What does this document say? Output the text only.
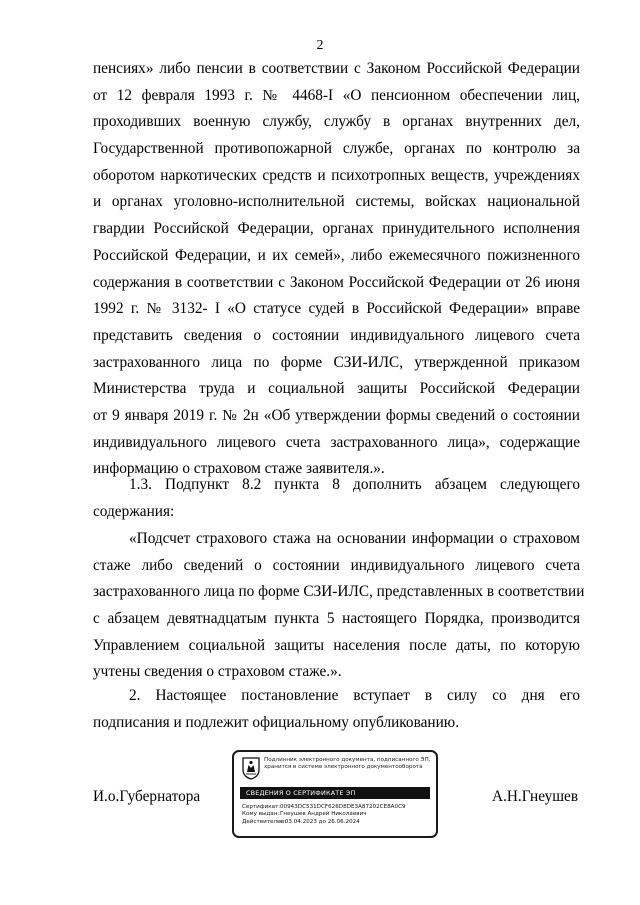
2
пенсиях» либо пенсии в соответствии с Законом Российской Федерации
от 12 февраля 1993 г. № 4468-I «О пенсионном обеспечении лиц,
проходивших военную службу, службу в органах внутренних дел,
Государственной противопожарной службе, органах по контролю за
оборотом наркотических средств и психотропных веществ, учреждениях
и органах уголовно-исполнительной системы, войсках национальной
гвардии Российской Федерации, органах принудительного исполнения
Российской Федерации, и их семей», либо ежемесячного пожизненного
содержания в соответствии с Законом Российской Федерации от 26 июня
1992 г. № 3132- I «О статусе судей в Российской Федерации» вправе
представить сведения о состоянии индивидуального лицевого счета
застрахованного лица по форме СЗИ-ИЛС, утвержденной приказом
Министерства труда и социальной защиты Российской Федерации
от 9 января 2019 г. № 2н «Об утверждении формы сведений о состоянии
индивидуального лицевого счета застрахованного лица», содержащие
информацию о страховом стаже заявителя.».
1.3. Подпункт 8.2 пункта 8 дополнить абзацем следующего
содержания:
«Подсчет страхового стажа на основании информации о страховом
стаже либо сведений о состоянии индивидуального лицевого счета
застрахованного лица по форме СЗИ-ИЛС, представленных в соответствии
с абзацем девятнадцатым пункта 5 настоящего Порядка, производится
Управлением социальной защиты населения после даты, по которую
учтены сведения о страховом стаже.».
2. Настоящее постановление вступает в силу со дня его
подписания и подлежит официальному опубликованию.
И.о.Губернатора
Подлинник электронного документа, подписанного ЭП,
хранится в системе электронного документооборота
СВЕДЕНИЯ О СЕРТИФИКАТЕ ЭП
Сертификат: 00943DC531DCF626D8DE3A87202CE8A0C9
Кому выдан: Гнеушев Андрей Николаевич
Действителен:
с 03.04.2023 до 26.06.2024
А.Н.Гнеушев
